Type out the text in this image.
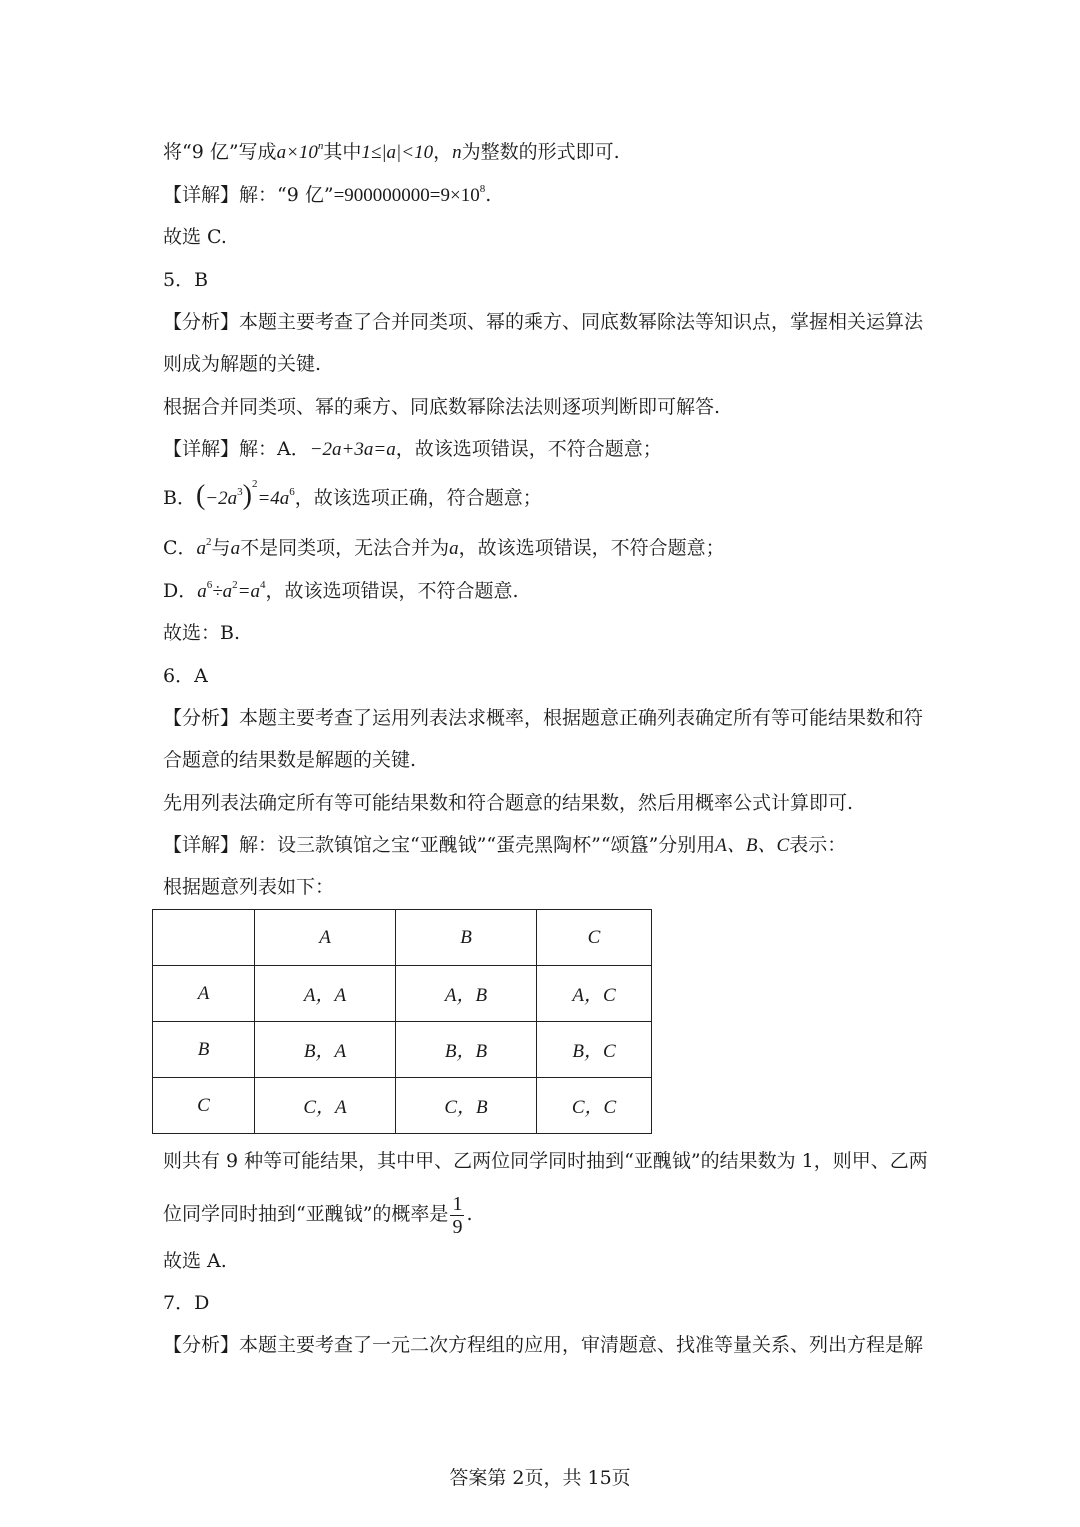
将“9 亿”写成$a\times 10^n$其中1≤|a|<10，n为整数的形式即可.
【详解】解：“9 亿$”=900000000=9\times 10^8$.
故选 C.
5．B
【分析】本题主要考查了合并同类项、幂的乘方、同底数幂除法等知识点，掌握相关运算法
则成为解题的关键.
根据合并同类项、幂的乘方、同底数幂除法法则逐项判断即可解答.
【详解】解：A．−2a+3a=a，故该选项错误，不符合题意；
B．$(-2a^3)^2=4a^6$，故该选项正确，符合题意；
C．$a^2$与a不是同类项，无法合并为a，故该选项错误，不符合题意；
D．$a^6\div a^2=a^4$，故该选项错误，不符合题意.
故选：B.
6．A
【分析】本题主要考查了运用列表法求概率，根据题意正确列表确定所有等可能结果数和符
合题意的结果数是解题的关键.
先用列表法确定所有等可能结果数和符合题意的结果数，然后用概率公式计算即可.
【详解】解：设三款镇馆之宝“亚醜钺”“蛋壳黑陶杯”“颂簋”分别用A、B、C表示：
根据题意列表如下：
	A	B	C
A	A，A	A，B	A，C
B	B，A	B，B	B，C
C	C，A	C，B	C，C
则共有 9 种等可能结果，其中甲、乙两位同学同时抽到“亚醜钺”的结果数为 1，则甲、乙两
位同学同时抽到“亚醜钺”的概率是 $\frac{1}{9}$ .
故选 A.
7．D
【分析】本题主要考查了一元二次方程组的应用，审清题意、找准等量关系、列出方程是解
答案第 2页，共 15页
